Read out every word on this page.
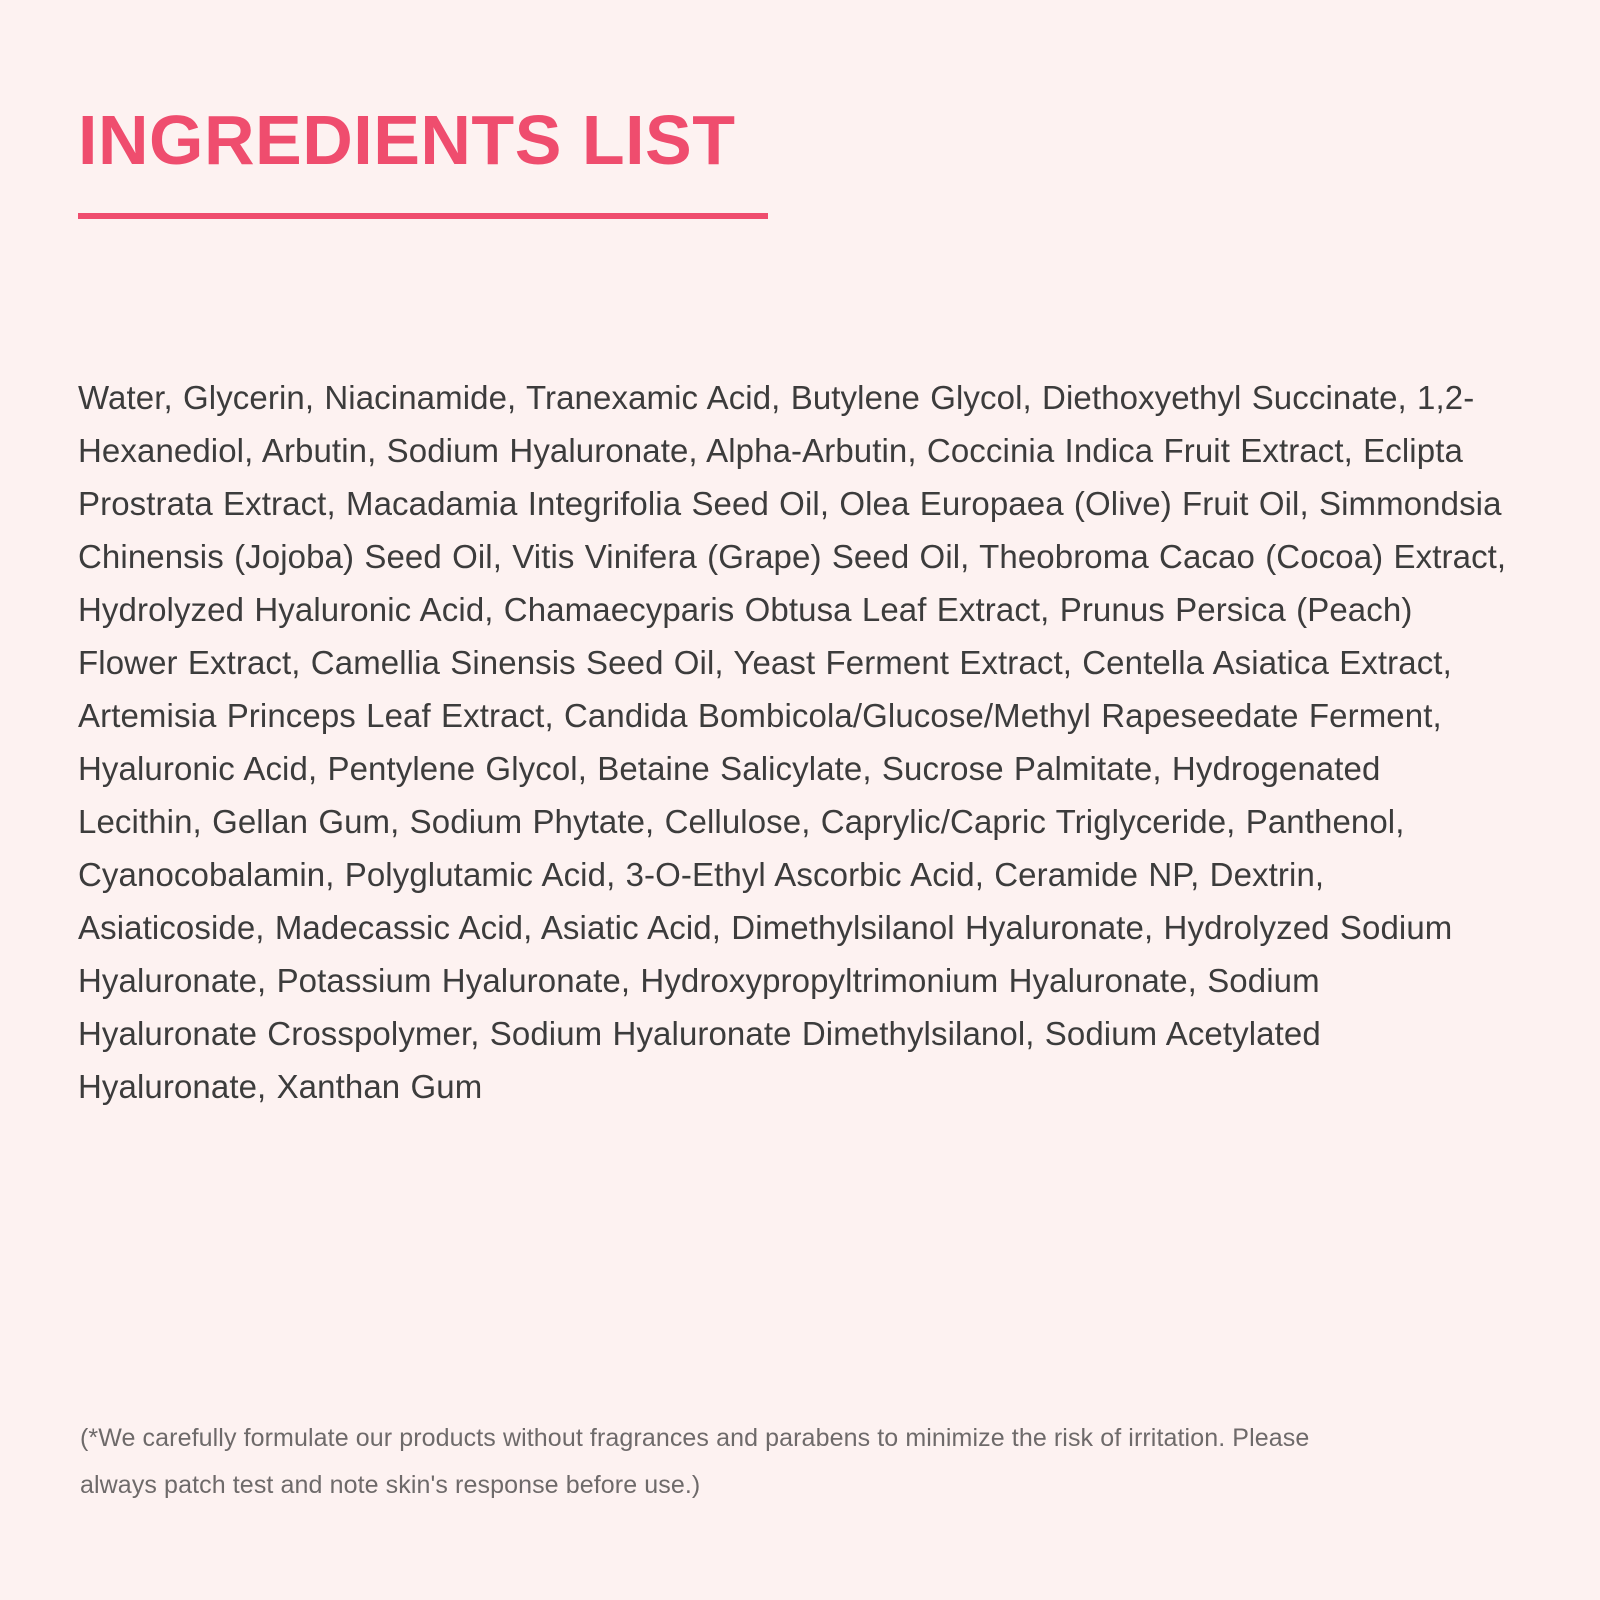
INGREDIENTS LIST

Water, Glycerin, Niacinamide, Tranexamic Acid, Butylene Glycol, Diethoxyethyl Succinate, 1,2-Hexanediol, Arbutin, Sodium Hyaluronate, Alpha-Arbutin, Coccinia Indica Fruit Extract, Eclipta Prostrata Extract, Macadamia Integrifolia Seed Oil, Olea Europaea (Olive) Fruit Oil, Simmondsia Chinensis (Jojoba) Seed Oil, Vitis Vinifera (Grape) Seed Oil, Theobroma Cacao (Cocoa) Extract, Hydrolyzed Hyaluronic Acid, Chamaecyparis Obtusa Leaf Extract, Prunus Persica (Peach) Flower Extract, Camellia Sinensis Seed Oil, Yeast Ferment Extract, Centella Asiatica Extract, Artemisia Princeps Leaf Extract, Candida Bombicola/Glucose/Methyl Rapeseedate Ferment, Hyaluronic Acid, Pentylene Glycol, Betaine Salicylate, Sucrose Palmitate, Hydrogenated Lecithin, Gellan Gum, Sodium Phytate, Cellulose, Caprylic/Capric Triglyceride, Panthenol, Cyanocobalamin, Polyglutamic Acid, 3-O-Ethyl Ascorbic Acid, Ceramide NP, Dextrin, Asiaticoside, Madecassic Acid, Asiatic Acid, Dimethylsilanol Hyaluronate, Hydrolyzed Sodium Hyaluronate, Potassium Hyaluronate, Hydroxypropyltrimonium Hyaluronate, Sodium Hyaluronate Crosspolymer, Sodium Hyaluronate Dimethylsilanol, Sodium Acetylated Hyaluronate, Xanthan Gum

(*We carefully formulate our products without fragrances and parabens to minimize the risk of irritation. Please always patch test and note skin's response before use.)
